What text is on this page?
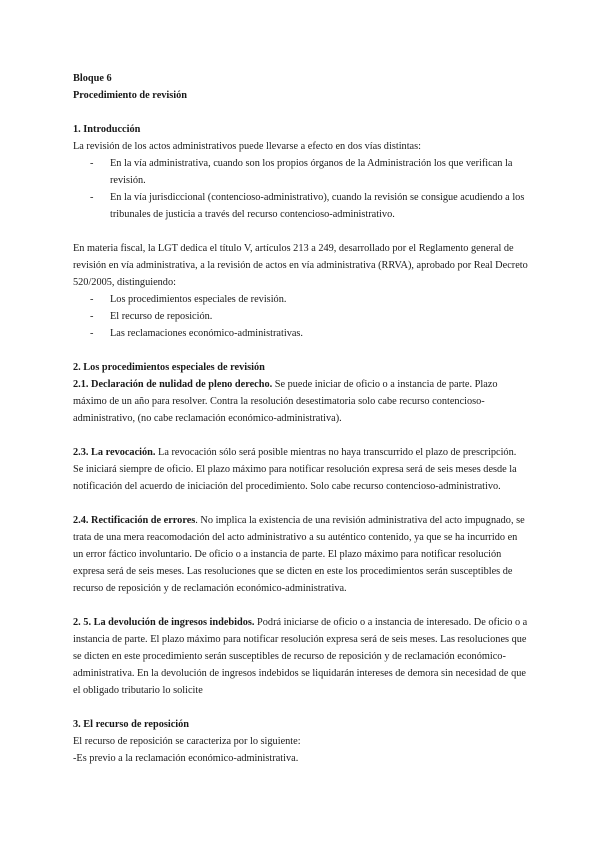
Bloque 6

Procedimiento de revisión

1. Introducción

La revisión de los actos administrativos puede llevarse a efecto en dos vías distintas:

- En la vía administrativa, cuando son los propios órganos de la Administración los que verifican la revisión.
- En la vía jurisdiccional (contencioso-administrativo), cuando la revisión se consigue acudiendo a los tribunales de justicia a través del recurso contencioso-administrativo.

En materia fiscal, la LGT dedica el título V, artículos 213 a 249, desarrollado por el Reglamento general de revisión en vía administrativa, a la revisión de actos en vía administrativa (RRVA), aprobado por Real Decreto 520/2005, distinguiendo:

- Los procedimientos especiales de revisión.
- El recurso de reposición.
- Las reclamaciones económico-administrativas.

2. Los procedimientos especiales de revisión

2.1. Declaración de nulidad de pleno derecho. Se puede iniciar de oficio o a instancia de parte. Plazo máximo de un año para resolver. Contra la resolución desestimatoria solo cabe recurso contencioso-administrativo, (no cabe reclamación económico-administrativa).

2.3. La revocación. La revocación sólo será posible mientras no haya transcurrido el plazo de prescripción. Se iniciará siempre de oficio. El plazo máximo para notificar resolución expresa será de seis meses desde la notificación del acuerdo de iniciación del procedimiento. Solo cabe recurso contencioso-administrativo.

2.4. Rectificación de errores. No implica la existencia de una revisión administrativa del acto impugnado, se trata de una mera reacomodación del acto administrativo a su auténtico contenido, ya que se ha incurrido en un error fáctico involuntario. De oficio o a instancia de parte. El plazo máximo para notificar resolución expresa será de seis meses. Las resoluciones que se dicten en este los procedimientos serán susceptibles de recurso de reposición y de reclamación económico-administrativa.

2. 5. La devolución de ingresos indebidos. Podrá iniciarse de oficio o a instancia de interesado. De oficio o a instancia de parte. El plazo máximo para notificar resolución expresa será de seis meses. Las resoluciones que se dicten en este procedimiento serán susceptibles de recurso de reposición y de reclamación económico-administrativa. En la devolución de ingresos indebidos se liquidarán intereses de demora sin necesidad de que el obligado tributario lo solicite

3. El recurso de reposición

El recurso de reposición se caracteriza por lo siguiente:

-Es previo a la reclamación económico-administrativa.
